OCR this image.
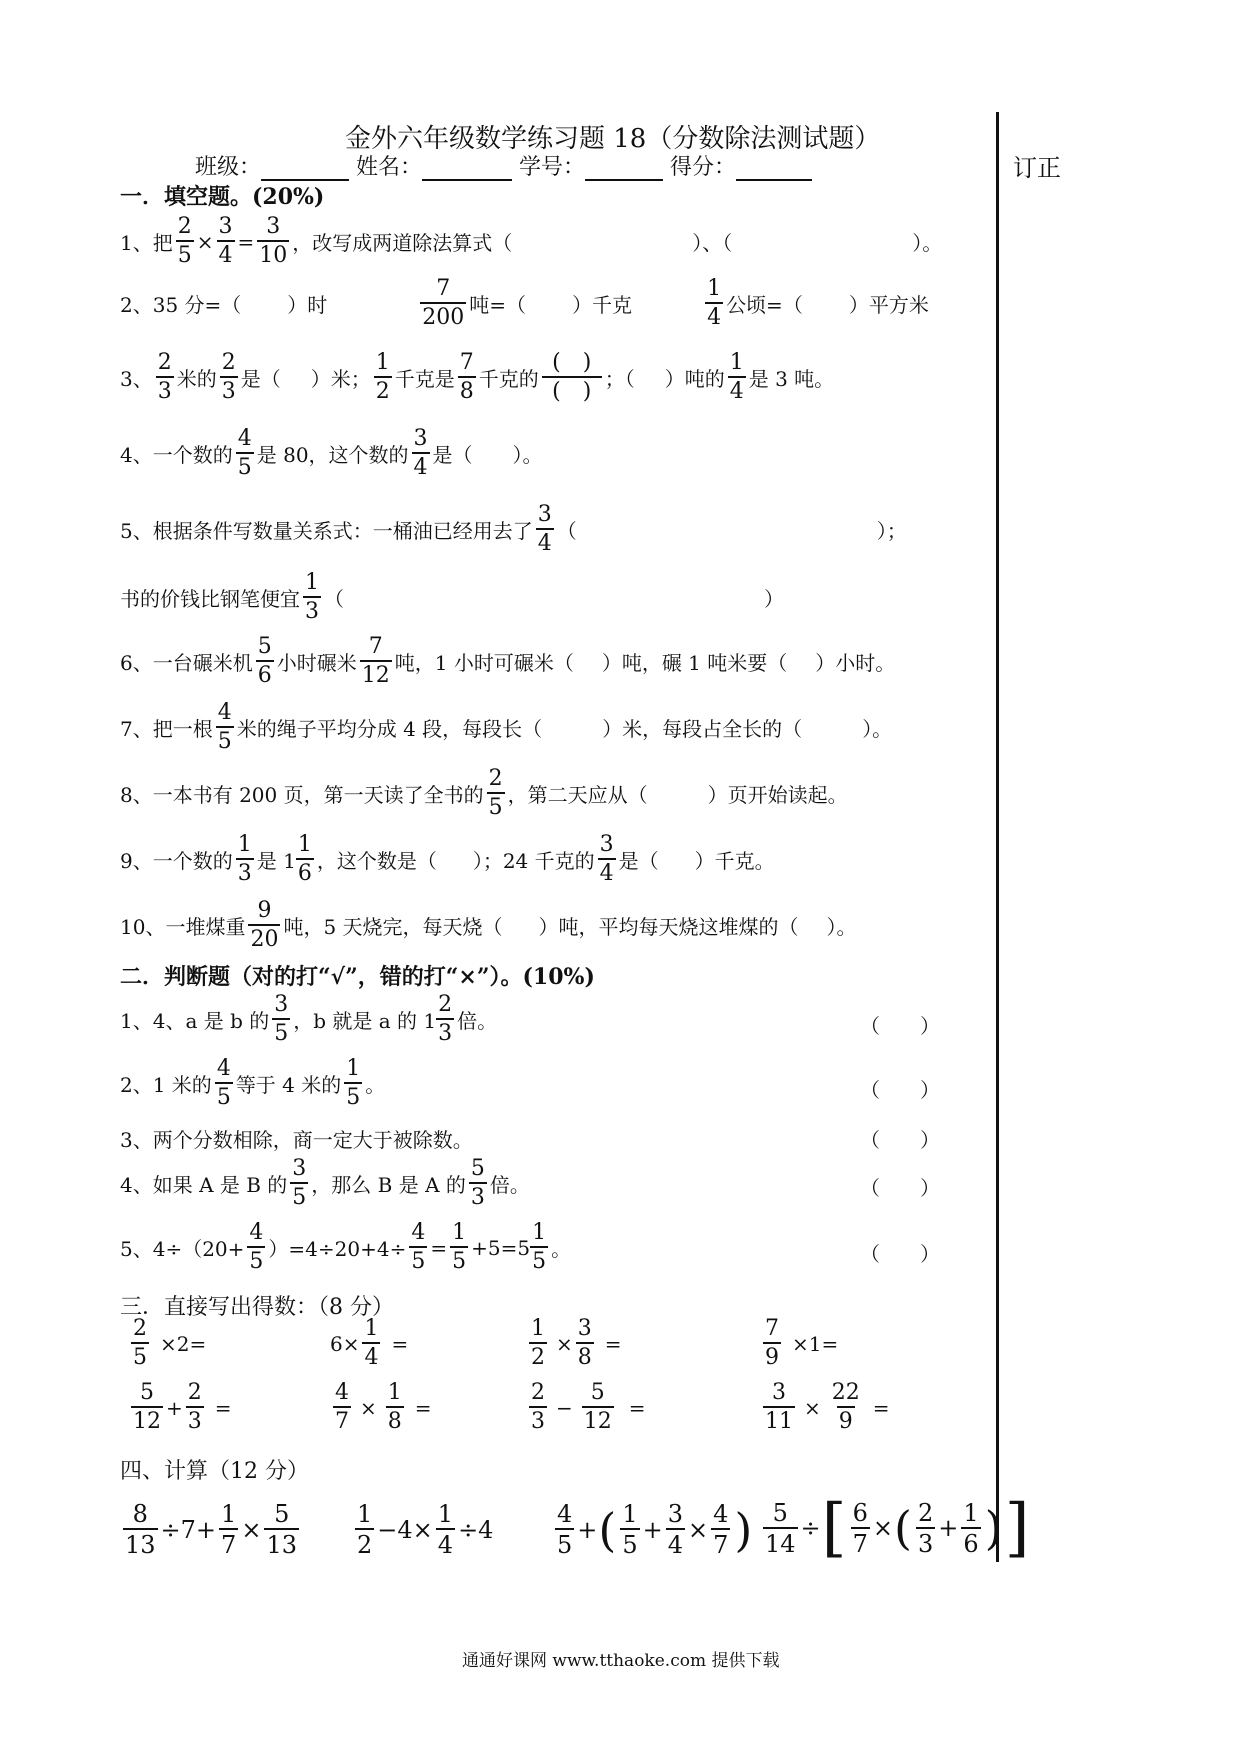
金外六年级数学练习题 18（分数除法测试题）
班级：	姓名：	学号：	得分：	订正
一．填空题。(20%)
1、把 $\frac{2}{5} \times \frac{3}{4} = \frac{3}{10}$ ，改写成两道除法算式（	）、（	）。
2、35 分=（ ）时	$\frac{7}{200}$ 吨=（ ）千克	$\frac{1}{4}$ 公顷=（ ）平方米
3、 $\frac{2}{3}$ 米的 $\frac{2}{3}$ 是（ ）米； $\frac{1}{2}$ 千克是 $\frac{7}{8}$ 千克的 $\frac{( )}{( )}$ ；（ ）吨的 $\frac{1}{4}$ 是 3 吨。
4、一个数的 $\frac{4}{5}$ 是 80，这个数的 $\frac{3}{4}$ 是（ ）。
5、根据条件写数量关系式：一桶油已经用去了 $\frac{3}{4}$ （	）；
书的价钱比钢笔便宜 $\frac{1}{3}$ （	）
6、一台碾米机 $\frac{5}{6}$ 小时碾米 $\frac{7}{12}$ 吨，1 小时可碾米（ ）吨，碾 1 吨米要（ ）小时。
7、把一根 $\frac{4}{5}$ 米的绳子平均分成 4 段，每段长（	）米，每段占全长的（	）。
8、一本书有 200 页，第一天读了全书的 $\frac{2}{5}$ ，第二天应从（	）页开始读起。
9、一个数的 $\frac{1}{3}$ 是 $1 \frac{1}{6}$ ，这个数是（ ）；24 千克的 $\frac{3}{4}$ 是（ ）千克。
10、一堆煤重 $\frac{9}{20}$ 吨，5 天烧完，每天烧（ ）吨，平均每天烧这堆煤的（ ）。
二．判断题（对的打“√”，错的打“×”）。(10%)
1、4、a 是 b 的 $\frac{3}{5}$ ，b 就是 a 的 $1 \frac{2}{3}$ 倍。	（　　）
2、1 米的 $\frac{4}{5}$ 等于 4 米的 $\frac{1}{5}$ 。	（　　）
3、两个分数相除，商一定大于被除数。	（　　）
4、如果 A 是 B 的 $\frac{3}{5}$ ，那么 B 是 A 的 $\frac{5}{3}$ 倍。	（　　）
5、$4\div(20+ \frac{4}{5} )=4\div 20+4\div \frac{4}{5} = \frac{1}{5} +5=5 \frac{1}{5}$ 。	（　　）
三．直接写出得数：（8 分）
$\frac{2}{5} \times 2=$	$6\times \frac{1}{4}$ =	$\frac{1}{2} \times \frac{3}{8}$ =	$\frac{7}{9} \times 1=$
$\frac{5}{12} + \frac{2}{3}$ =	$\frac{4}{7} \times \frac{1}{8}$ =	$\frac{2}{3} - \frac{5}{12}$ =	$\frac{3}{11} \times \frac{22}{9}$ =
四、计算（12 分）
$\frac{8}{13} \div 7+ \frac{1}{7} \times \frac{5}{13} \frac{1}{2} -4\times \frac{1}{4} \div 4$	$\frac{4}{5}$ + ( $\frac{1}{5} + \frac{3}{4} \times \frac{4}{7}$ ) $\frac{5}{14}$ ÷ [ $\frac{6}{7}$ × ( $\frac{2}{3} + \frac{1}{6}$ ) ]
通通好课网 www.tthaoke.com 提供下载
